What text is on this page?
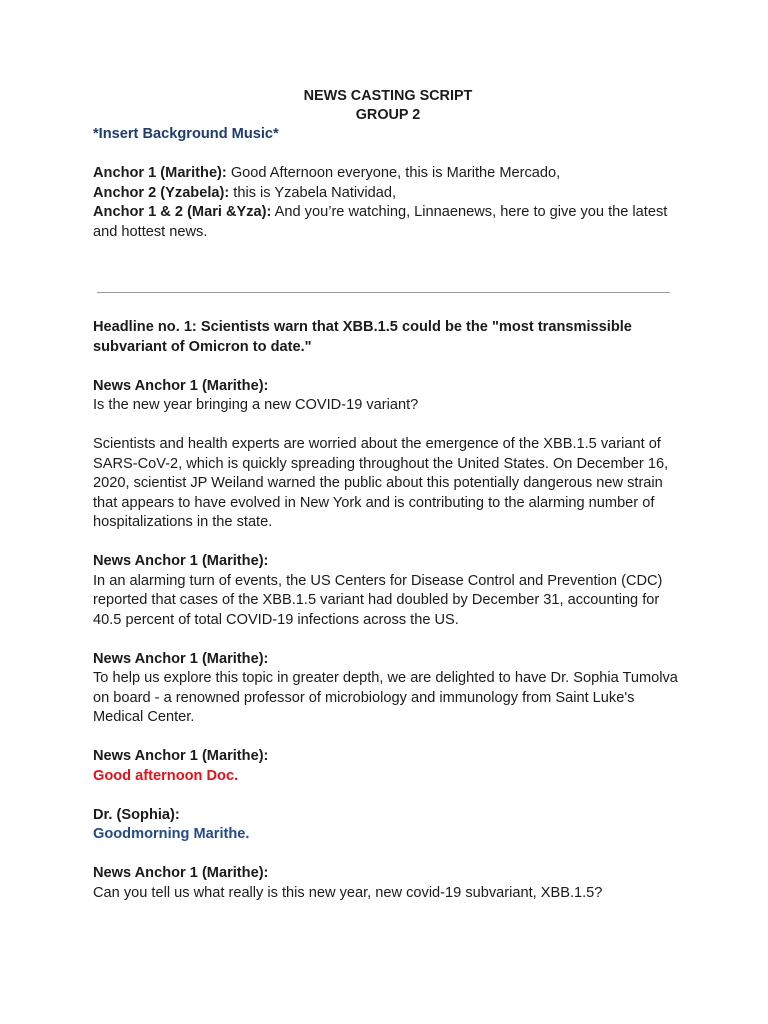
NEWS CASTING SCRIPT
GROUP 2

*Insert Background Music*

Anchor 1 (Marithe): Good Afternoon everyone, this is Marithe Mercado,

Anchor 2 (Yzabela): this is Yzabela Natividad,

Anchor 1 & 2 (Mari &Yza): And you’re watching, Linnaenews, here to give you the latest and hottest news.

Headline no. 1: Scientists warn that XBB.1.5 could be the "most transmissible subvariant of Omicron to date."

News Anchor 1 (Marithe):

Is the new year bringing a new COVID-19 variant?

Scientists and health experts are worried about the emergence of the XBB.1.5 variant of SARS-CoV-2, which is quickly spreading throughout the United States. On December 16, 2020, scientist JP Weiland warned the public about this potentially dangerous new strain that appears to have evolved in New York and is contributing to the alarming number of hospitalizations in the state.

News Anchor 1 (Marithe):

In an alarming turn of events, the US Centers for Disease Control and Prevention (CDC) reported that cases of the XBB.1.5 variant had doubled by December 31, accounting for 40.5 percent of total COVID-19 infections across the US.

News Anchor 1 (Marithe):

To help us explore this topic in greater depth, we are delighted to have Dr. Sophia Tumolva on board - a renowned professor of microbiology and immunology from Saint Luke's Medical Center.

News Anchor 1 (Marithe):

Good afternoon Doc.

Dr. (Sophia):

Goodmorning Marithe.

News Anchor 1 (Marithe):

Can you tell us what really is this new year, new covid-19 subvariant, XBB.1.5?
